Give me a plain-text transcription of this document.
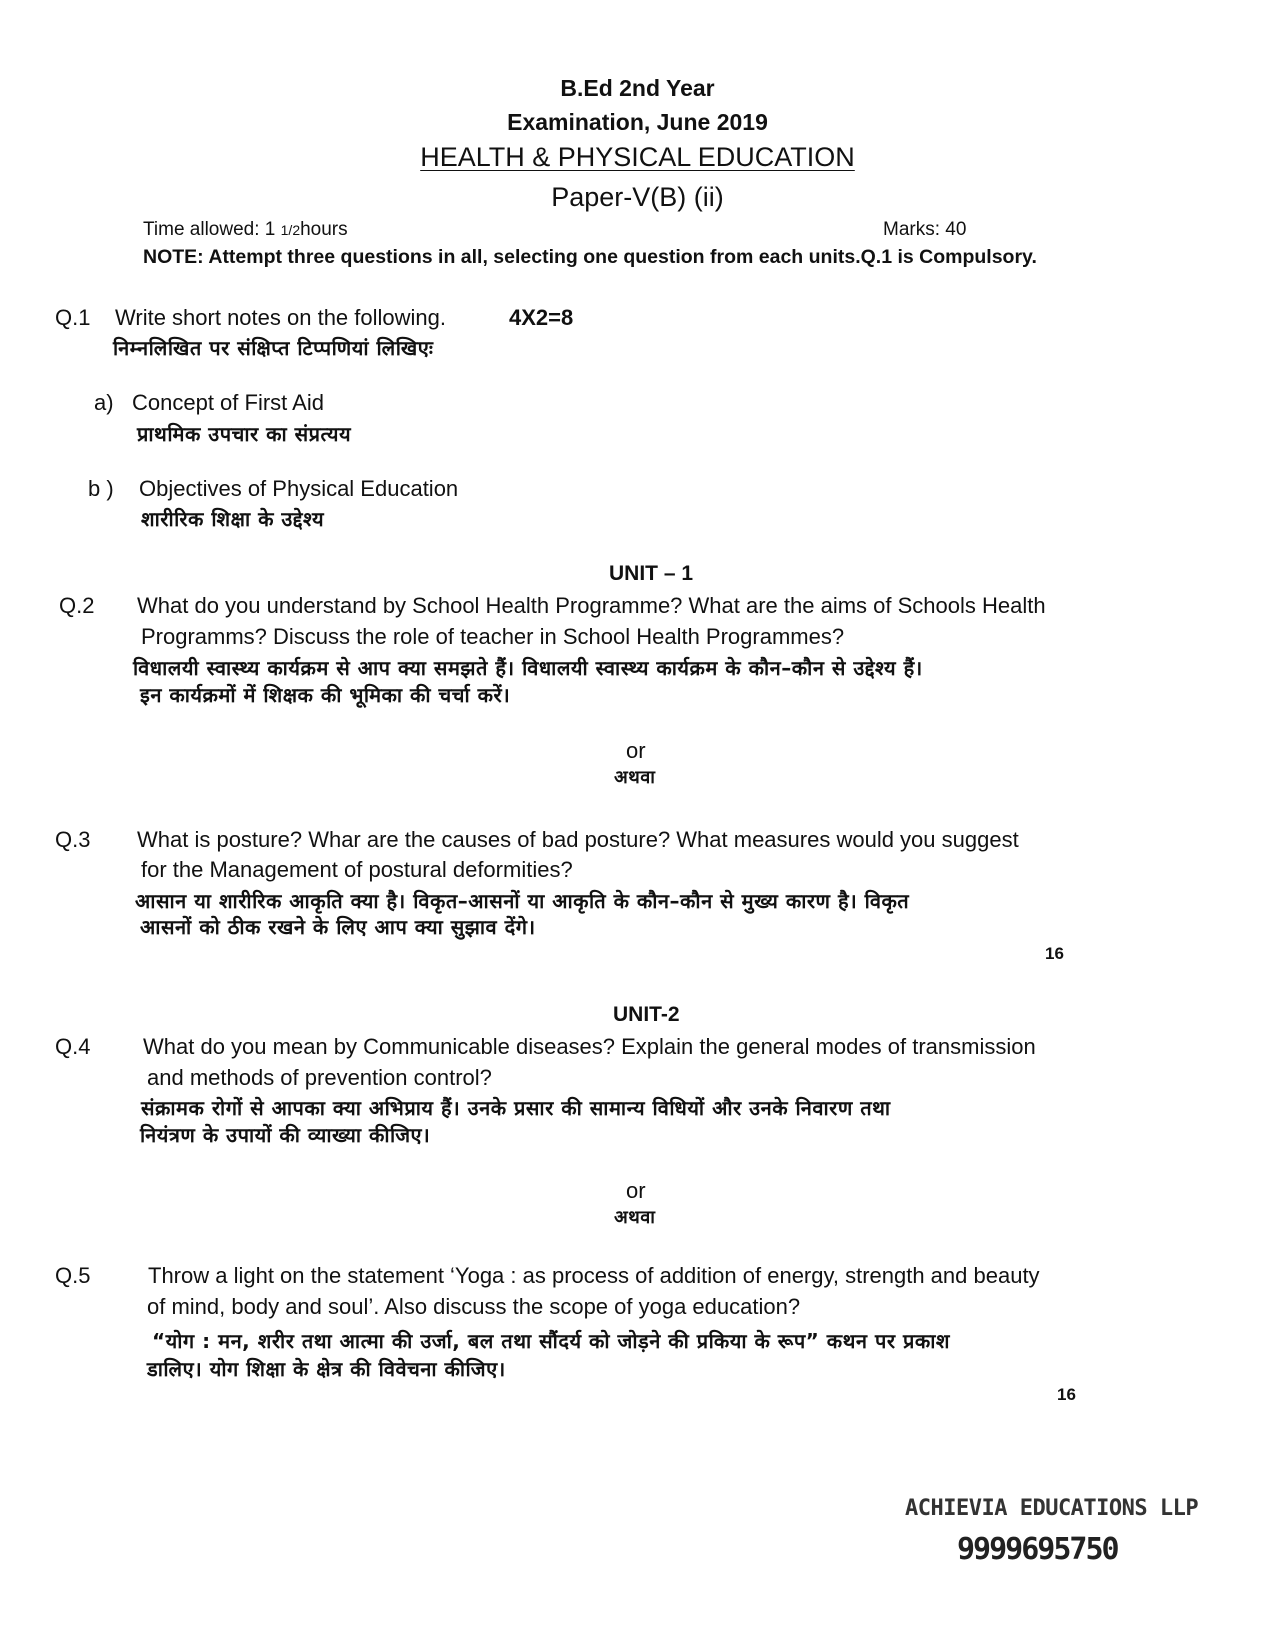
B.Ed 2nd Year
Examination, June 2019
HEALTH & PHYSICAL EDUCATION
Paper-V(B) (ii)
Time allowed: 1 1/2hours	Marks: 40
NOTE: Attempt three questions in all, selecting one question from each units.Q.1 is Compulsory.
Q.1 Write short notes on the following.	4X2=8
निम्नलिखित पर संक्षिप्त टिप्पणियां लिखिएः
a) Concept of First Aid
प्राथमिक उपचार का संप्रत्यय
b ) Objectives of Physical Education
शारीरिक शिक्षा के उद्देश्य
UNIT – 1
Q.2 What do you understand by School Health Programme? What are the aims of Schools Health
Programms? Discuss the role of teacher in School Health Programmes?
विधालयी स्वास्थ्य कार्यक्रम से आप क्या समझते हैं। विधालयी स्वास्थ्य कार्यक्रम के कौन–कौन से उद्देश्य हैं।
इन कार्यक्रमों में शिक्षक की भूमिका की चर्चा करें।
or
अथवा
Q.3 What is posture? Whar are the causes of bad posture? What measures would you suggest
for the Management of postural deformities?
आसान या शारीरिक आकृति क्या है। विकृत–आसनों या आकृति के कौन–कौन से मुख्य कारण है। विकृत
आसनों को ठीक रखने के लिए आप क्या सुझाव देंगे।
16
UNIT-2
Q.4 What do you mean by Communicable diseases? Explain the general modes of transmission
and methods of prevention control?
संक्रामक रोगों से आपका क्या अभिप्राय हैं। उनके प्रसार की सामान्य विधियों और उनके निवारण तथा
नियंत्रण के उपायों की व्याख्या कीजिए।
or
अथवा
Q.5	Throw a light on the statement ‘Yoga : as process of addition of energy, strength and beauty
of mind, body and soul’. Also discuss the scope of yoga education?
“योग : मन, शरीर तथा आत्मा की उर्जा, बल तथा सौंदर्य को जोड़ने की प्रकिया के रूप” कथन पर प्रकाश
डालिए। योग शिक्षा के क्षेत्र की विवेचना कीजिए।
16
ACHIEVIA EDUCATIONS LLP
9999695750
